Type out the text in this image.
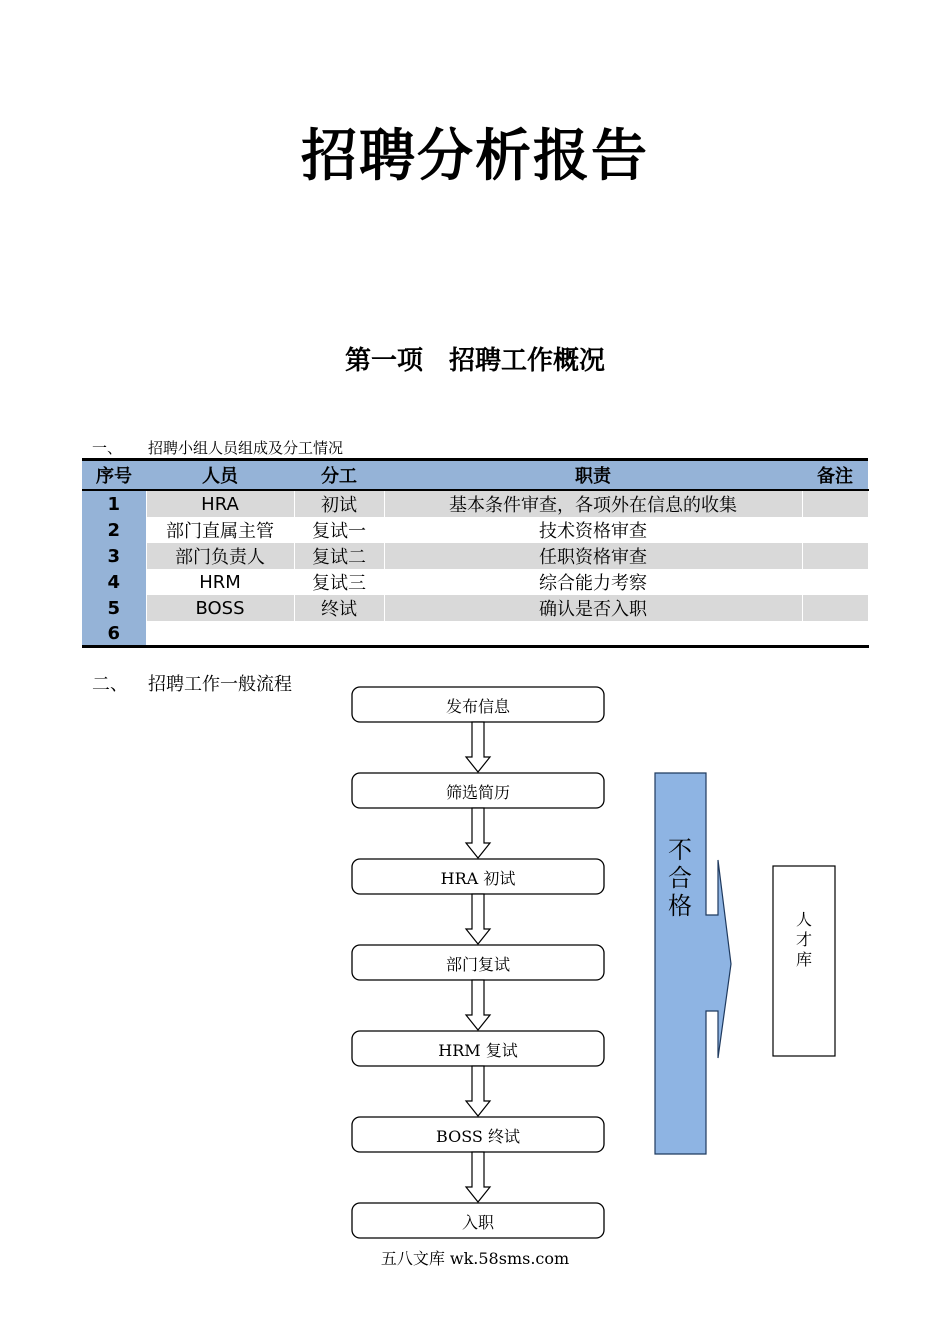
招聘分析报告
第一项 招聘工作概况
一、 招聘小组人员组成及分工情况
序号	人员	分工	职责	备注
1	HRA	初试	基本条件审查，各项外在信息的收集	
2	部门直属主管	复试一	技术资格审查	
3	部门负责人	复试二	任职资格审查	
4	HRM	复试三	综合能力考察	
5	BOSS	终试	确认是否入职	
6				
二、 招聘工作一般流程
发布信息
筛选简历
HRA 初试
部门复试
HRM 复试
BOSS 终试
入职
不
合
格	人
才
库
五八文库 wk.58sms.com
